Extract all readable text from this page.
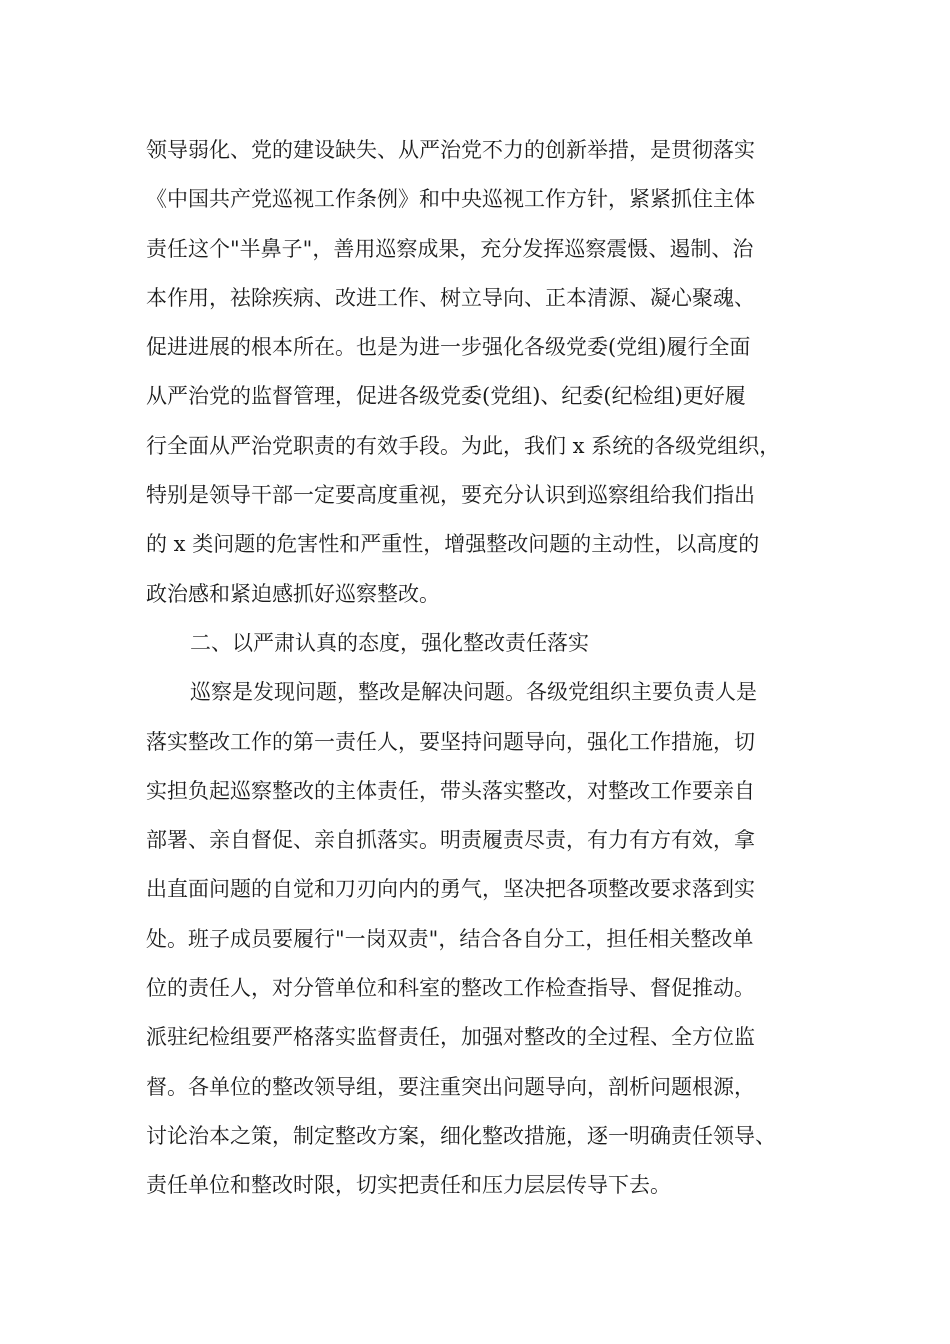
领导弱化、党的建设缺失、从严治党不力的创新举措，是贯彻落实
《中国共产党巡视工作条例》和中央巡视工作方针，紧紧抓住主体
责任这个"半鼻子"，善用巡察成果，充分发挥巡察震慑、遏制、治
本作用，祛除疾病、改进工作、树立导向、正本清源、凝心聚魂、
促进进展的根本所在。也是为进一步强化各级党委(党组)履行全面
从严治党的监督管理，促进各级党委(党组)、纪委(纪检组)更好履
行全面从严治党职责的有效手段。为此，我们 x 系统的各级党组织，
特别是领导干部一定要高度重视，要充分认识到巡察组给我们指出
的 x 类问题的危害性和严重性，增强整改问题的主动性，以高度的
政治感和紧迫感抓好巡察整改。
二、以严肃认真的态度，强化整改责任落实
巡察是发现问题，整改是解决问题。各级党组织主要负责人是
落实整改工作的第一责任人，要坚持问题导向，强化工作措施，切
实担负起巡察整改的主体责任，带头落实整改，对整改工作要亲自
部署、亲自督促、亲自抓落实。明责履责尽责，有力有方有效，拿
出直面问题的自觉和刀刃向内的勇气，坚决把各项整改要求落到实
处。班子成员要履行"一岗双责"，结合各自分工，担任相关整改单
位的责任人，对分管单位和科室的整改工作检查指导、督促推动。
派驻纪检组要严格落实监督责任，加强对整改的全过程、全方位监
督。各单位的整改领导组，要注重突出问题导向，剖析问题根源，
讨论治本之策，制定整改方案，细化整改措施，逐一明确责任领导、
责任单位和整改时限，切实把责任和压力层层传导下去。
